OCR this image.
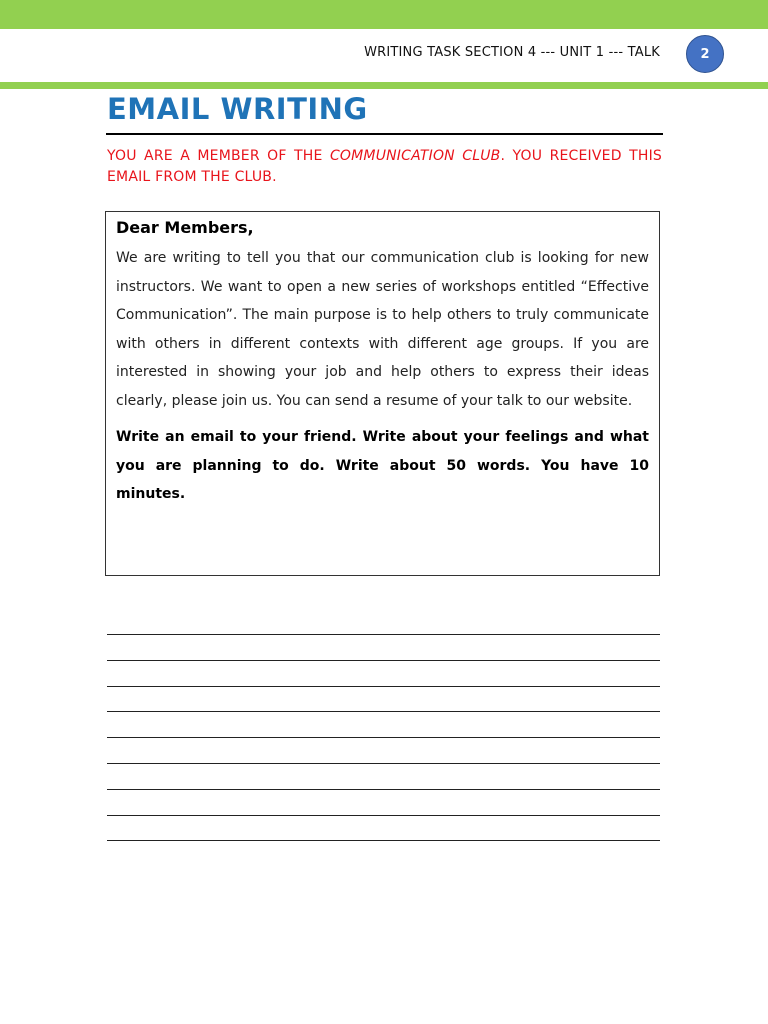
WRITING TASK SECTION 4 --- UNIT 1 --- TALK	2
EMAIL WRITING
YOU ARE A MEMBER OF THE COMMUNICATION CLUB. YOU RECEIVED THIS EMAIL FROM THE CLUB.

Dear Members,

We are writing to tell you that our communication club is looking for new instructors. We want to open a new series of workshops entitled “Effective Communication”. The main purpose is to help others to truly communicate with others in different contexts with different age groups. If you are interested in showing your job and help others to express their ideas clearly, please join us. You can send a resume of your talk to our website.

Write an email to your friend. Write about your feelings and what you are planning to do. Write about 50 words. You have 10 minutes.
